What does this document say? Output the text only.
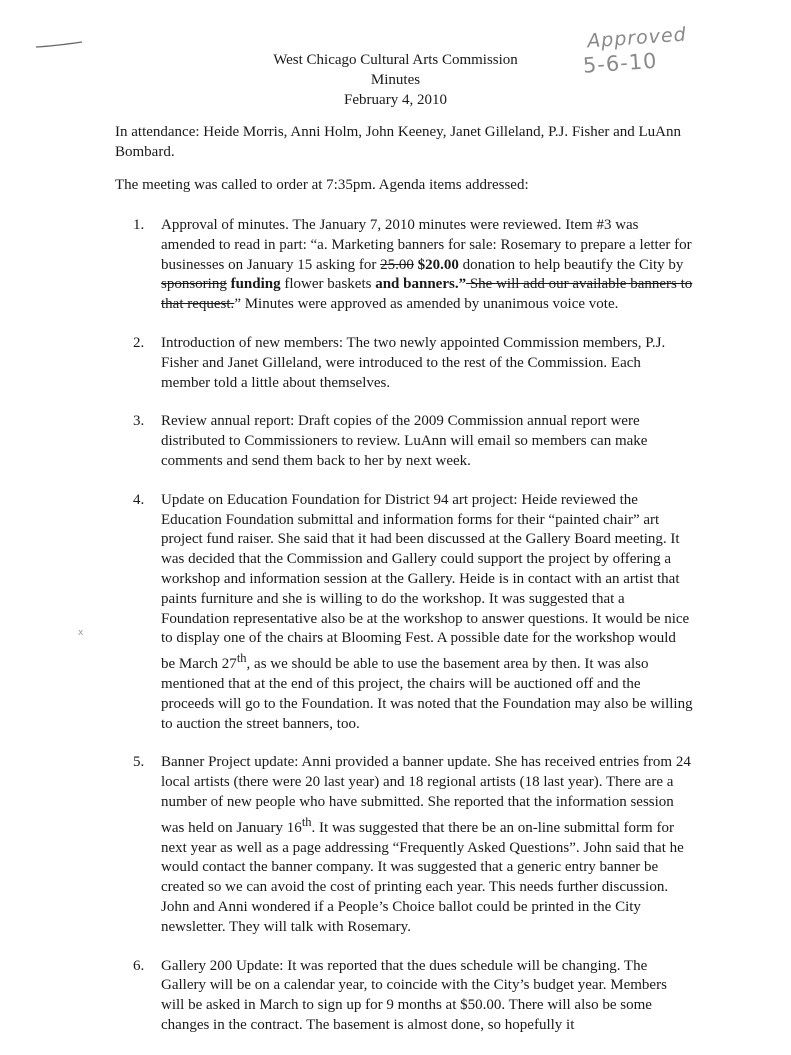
Approved
5-6-10
West Chicago Cultural Arts Commission
Minutes
February 4, 2010
In attendance: Heide Morris, Anni Holm, John Keeney, Janet Gilleland, P.J. Fisher and LuAnn Bombard.
The meeting was called to order at 7:35pm. Agenda items addressed:
x
1. Approval of minutes. The January 7, 2010 minutes were reviewed. Item #3 was amended to read in part: “a. Marketing banners for sale: Rosemary to prepare a letter for businesses on January 15 asking for 25.00 $20.00 donation to help beautify the City by sponsoring funding flower baskets and banners.” She will add our available banners to that request.” Minutes were approved as amended by unanimous voice vote.
2. Introduction of new members: The two newly appointed Commission members, P.J. Fisher and Janet Gilleland, were introduced to the rest of the Commission. Each member told a little about themselves.
3. Review annual report: Draft copies of the 2009 Commission annual report were distributed to Commissioners to review. LuAnn will email so members can make comments and send them back to her by next week.
4. Update on Education Foundation for District 94 art project: Heide reviewed the Education Foundation submittal and information forms for their “painted chair” art project fund raiser. She said that it had been discussed at the Gallery Board meeting. It was decided that the Commission and Gallery could support the project by offering a workshop and information session at the Gallery. Heide is in contact with an artist that paints furniture and she is willing to do the workshop. It was suggested that a Foundation representative also be at the workshop to answer questions. It would be nice to display one of the chairs at Blooming Fest. A possible date for the workshop would be March 27th, as we should be able to use the basement area by then. It was also mentioned that at the end of this project, the chairs will be auctioned off and the proceeds will go to the Foundation. It was noted that the Foundation may also be willing to auction the street banners, too.
5. Banner Project update: Anni provided a banner update. She has received entries from 24 local artists (there were 20 last year) and 18 regional artists (18 last year). There are a number of new people who have submitted. She reported that the information session was held on January 16th. It was suggested that there be an on-line submittal form for next year as well as a page addressing “Frequently Asked Questions”. John said that he would contact the banner company. It was suggested that a generic entry banner be created so we can avoid the cost of printing each year. This needs further discussion. John and Anni wondered if a People’s Choice ballot could be printed in the City newsletter. They will talk with Rosemary.
6. Gallery 200 Update: It was reported that the dues schedule will be changing. The Gallery will be on a calendar year, to coincide with the City’s budget year. Members will be asked in March to sign up for 9 months at $50.00. There will also be some changes in the contract. The basement is almost done, so hopefully it
